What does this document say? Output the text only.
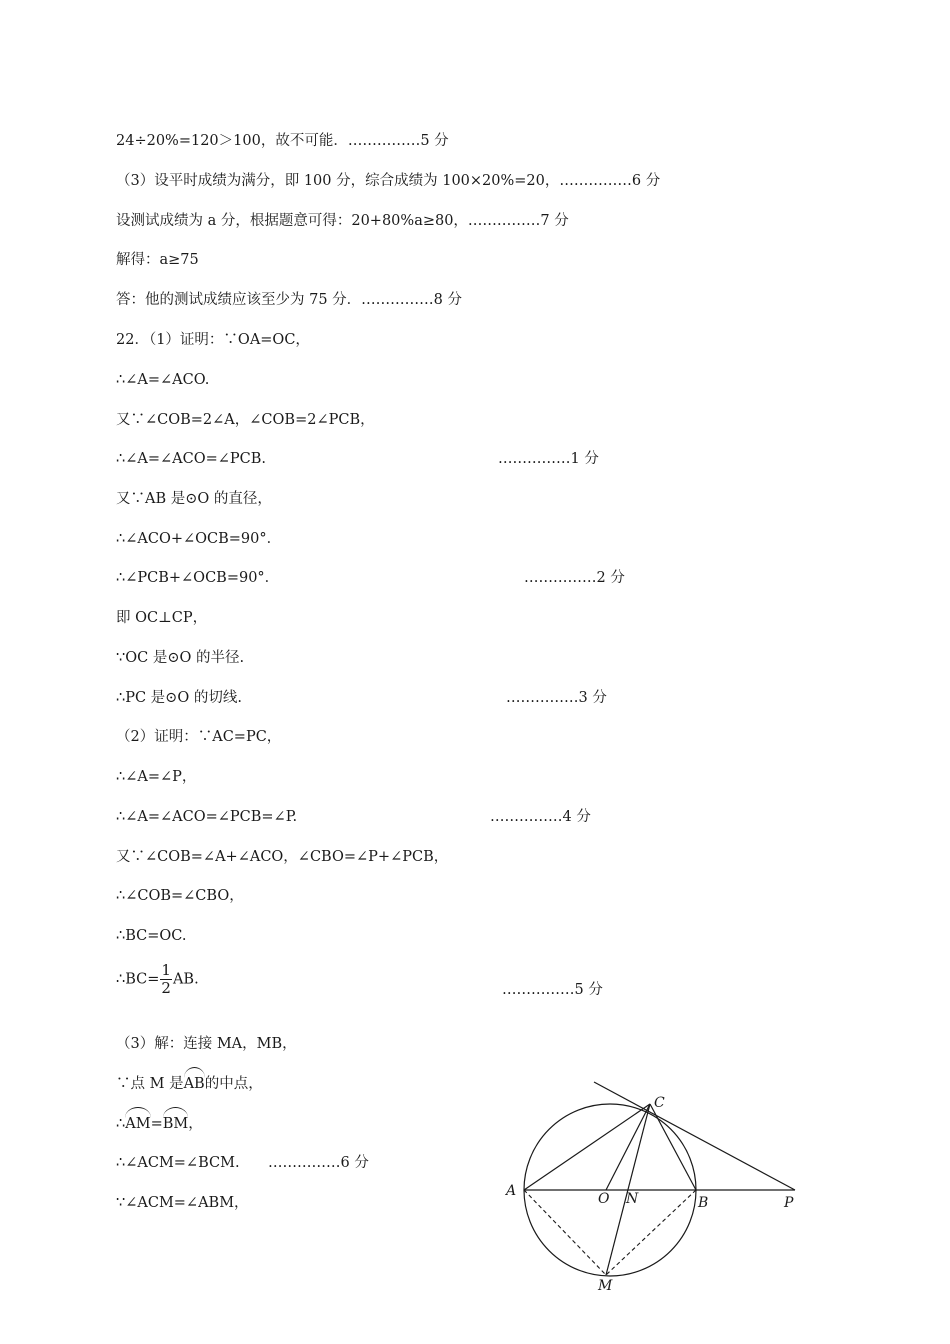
24÷20%=120＞100，故不可能．……………5 分
（3）设平时成绩为满分，即 100 分，综合成绩为 100×20%=20，……………6 分
设测试成绩为 a 分，根据题意可得：20+80%a≥80，……………7 分
解得：a≥75
答：他的测试成绩应该至少为 75 分．……………8 分
22．（1）证明：∵OA=OC，
∴∠A=∠ACO.
又∵∠COB=2∠A，∠COB=2∠PCB，
∴∠A=∠ACO=∠PCB.	……………1 分
又∵AB 是⊙O 的直径，
∴∠ACO+∠OCB=90°．
∴∠PCB+∠OCB=90°．	……………2 分
即 OC⊥CP，
∵OC 是⊙O 的半径.
∴PC 是⊙O 的切线.	……………3 分
（2）证明：∵AC=PC，
∴∠A=∠P，
∴∠A=∠ACO=∠PCB=∠P.	……………4 分
又∵∠COB=∠A+∠ACO，∠CBO=∠P+∠PCB，
∴∠COB=∠CBO，
∴BC=OC.
∴BC= $\frac{1}{2}$ AB.
……………5 分
（3）解：连接 MA，MB，
∵点 M 是AB的中点，
∴AM=BM，
∴∠ACM=∠BCM. ……………6 分
∵∠ACM=∠ABM，
A
C
O N	B	P
M
